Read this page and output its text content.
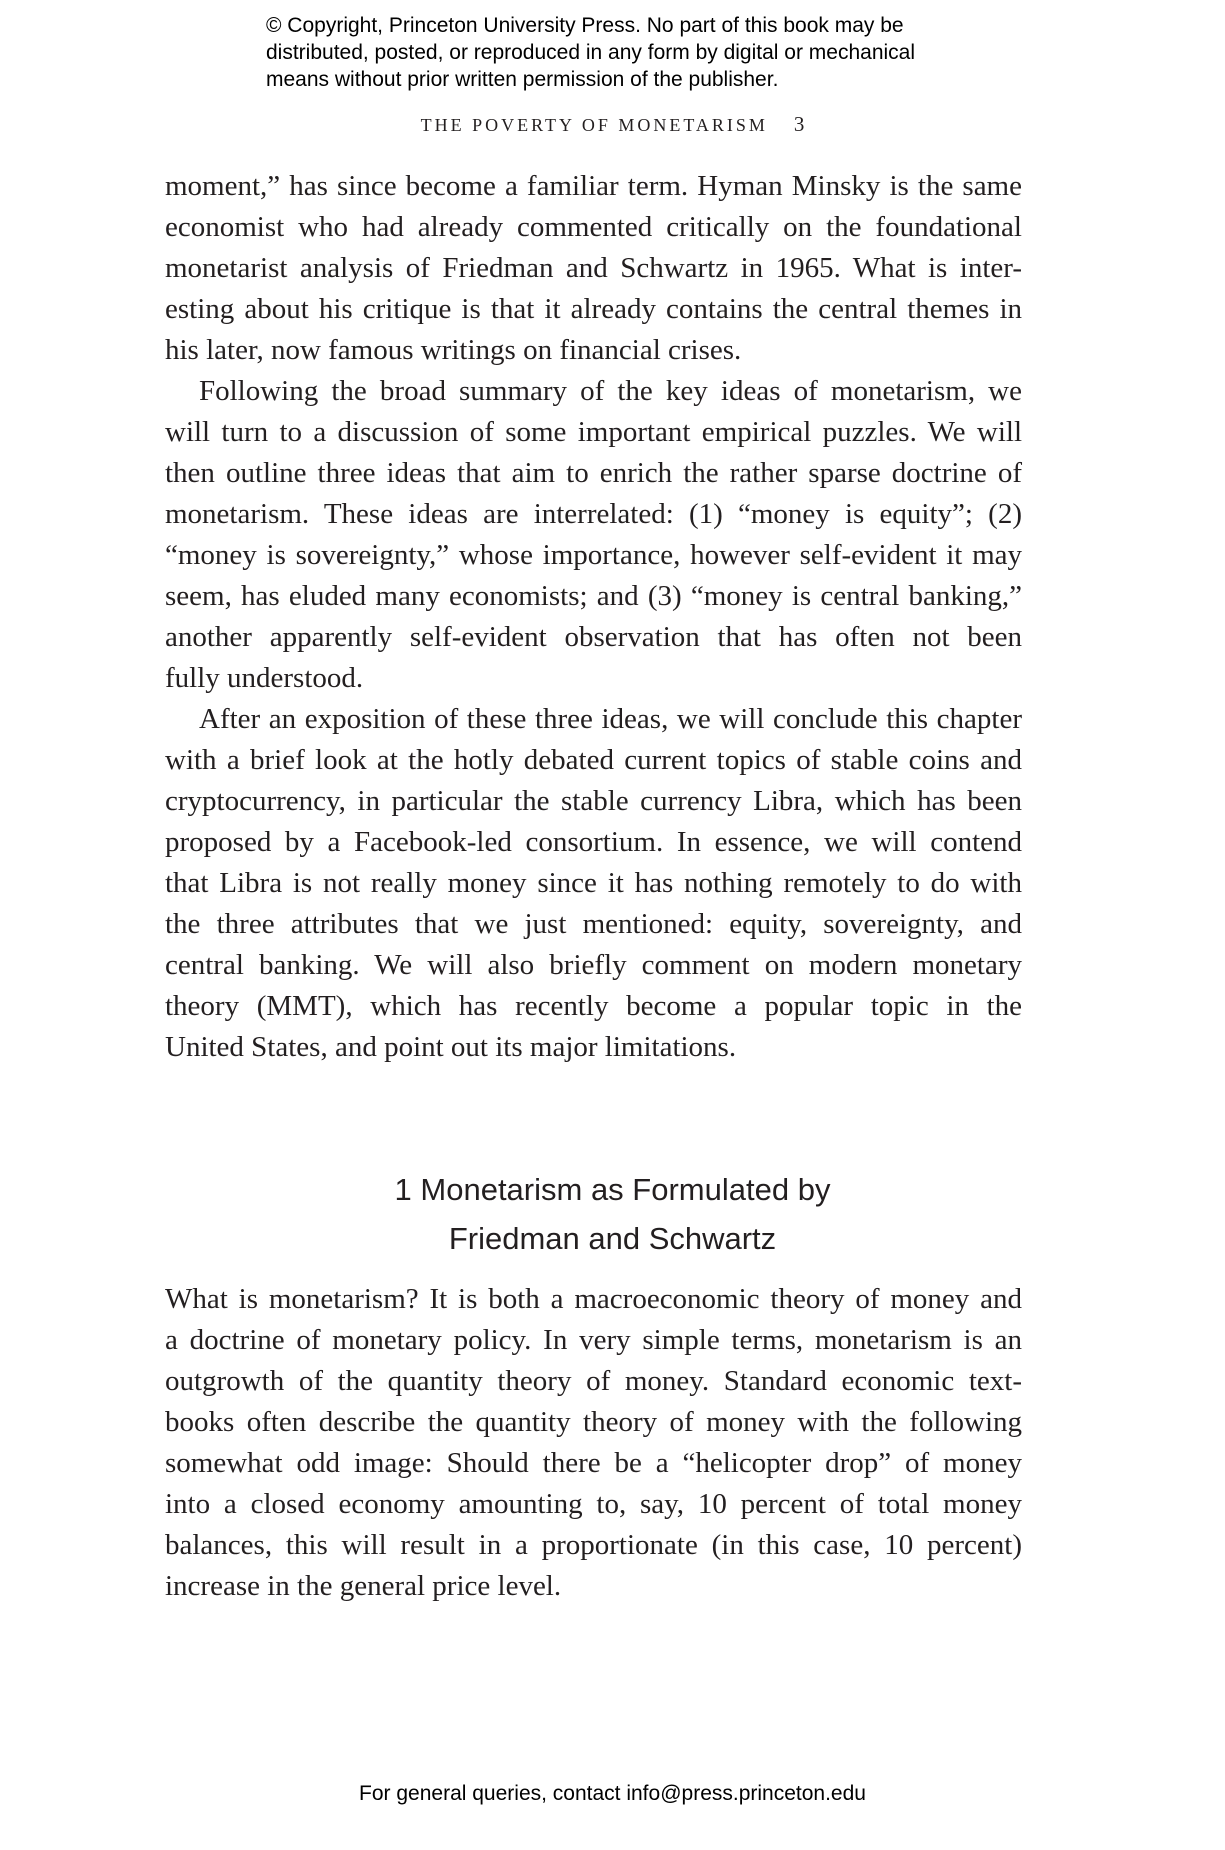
© Copyright, Princeton University Press. No part of this book may be
distributed, posted, or reproduced in any form by digital or mechanical
means without prior written permission of the publisher.
THE POVERTY OF MONETARISM 3
moment,” has since become a familiar term. Hyman Minsky is the same
economist who had already commented critically on the foundational
monetarist analysis of Friedman and Schwartz in 1965. What is inter-
esting about his critique is that it already contains the central themes in
his later, now famous writings on financial crises.
Following the broad summary of the key ideas of monetarism, we
will turn to a discussion of some important empirical puzzles. We will
then outline three ideas that aim to enrich the rather sparse doctrine of
monetarism. These ideas are interrelated: (1) “money is equity”; (2)
“money is sovereignty,” whose importance, however self-evident it may
seem, has eluded many economists; and (3) “money is central banking,”
another apparently self-evident observation that has often not been
fully understood.
After an exposition of these three ideas, we will conclude this chapter
with a brief look at the hotly debated current topics of stable coins and
cryptocurrency, in particular the stable currency Libra, which has been
proposed by a Facebook-led consortium. In essence, we will contend
that Libra is not really money since it has nothing remotely to do with
the three attributes that we just mentioned: equity, sovereignty, and
central banking. We will also briefly comment on modern monetary
theory (MMT), which has recently become a popular topic in the
United States, and point out its major limitations.
1 Monetarism as Formulated by
Friedman and Schwartz
What is monetarism? It is both a macroeconomic theory of money and
a doctrine of monetary policy. In very simple terms, monetarism is an
outgrowth of the quantity theory of money. Standard economic text-
books often describe the quantity theory of money with the following
somewhat odd image: Should there be a “helicopter drop” of money
into a closed economy amounting to, say, 10 percent of total money
balances, this will result in a proportionate (in this case, 10 percent)
increase in the general price level.
For general queries, contact info@press.princeton.edu
